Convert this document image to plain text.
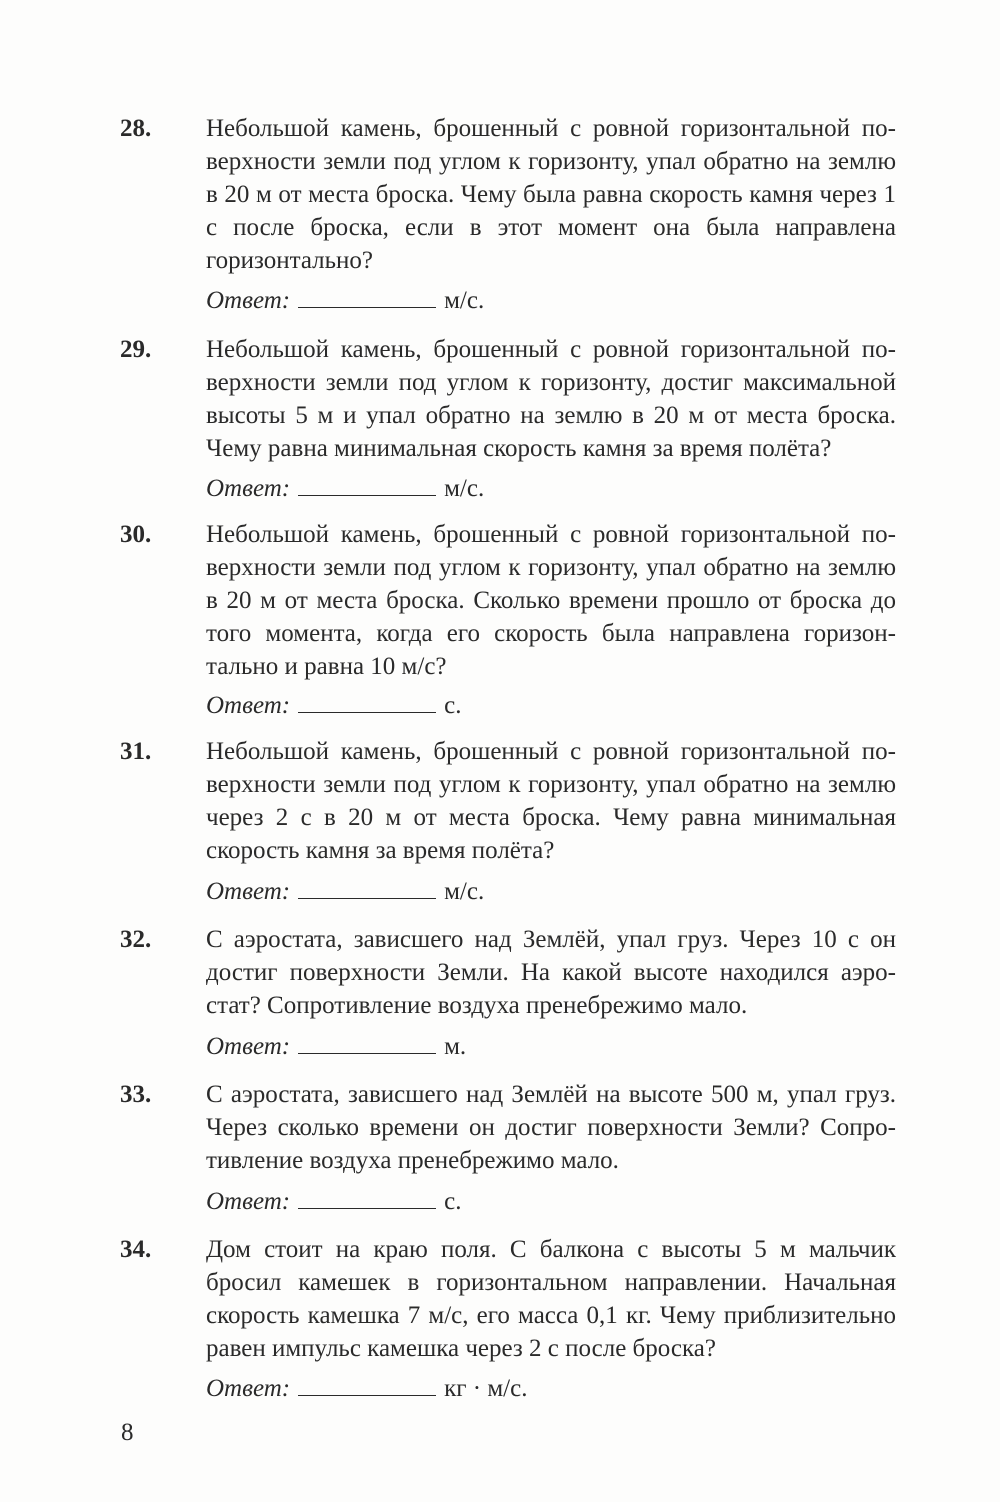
28. Небольшой камень, брошенный с ровной горизонтальной поверхности земли под углом к горизонту, упал обратно на землю в 20 м от места броска. Чему была равна скорость камня через 1 с после броска, если в этот момент она была направлена горизонтально?
Ответ:	м/с.
29. Небольшой камень, брошенный с ровной горизонтальной поверхности земли под углом к горизонту, достиг максимальной высоты 5 м и упал обратно на землю в 20 м от места броска. Чему равна минимальная скорость камня за время полёта?
Ответ:	м/с.
30. Небольшой камень, брошенный с ровной горизонтальной поверхности земли под углом к горизонту, упал обратно на землю в 20 м от места броска. Сколько времени прошло от броска до того момента, когда его скорость была направлена горизонтально и равна 10 м/с?
Ответ:	с.
31. Небольшой камень, брошенный с ровной горизонтальной поверхности земли под углом к горизонту, упал обратно на землю через 2 с в 20 м от места броска. Чему равна минимальная скорость камня за время полёта?
Ответ:	м/с.
32. С аэростата, зависшего над Землёй, упал груз. Через 10 с он достиг поверхности Земли. На какой высоте находился аэростат? Сопротивление воздуха пренебрежимо мало.
Ответ:	м.
33. С аэростата, зависшего над Землёй на высоте 500 м, упал груз. Через сколько времени он достиг поверхности Земли? Сопротивление воздуха пренебрежимо мало.
Ответ:	с.
34. Дом стоит на краю поля. С балкона с высоты 5 м мальчик бросил камешек в горизонтальном направлении. Начальная скорость камешка 7 м/с, его масса 0,1 кг. Чему приблизительно равен импульс камешка через 2 с после броска?
Ответ:	кг · м/с.
8
